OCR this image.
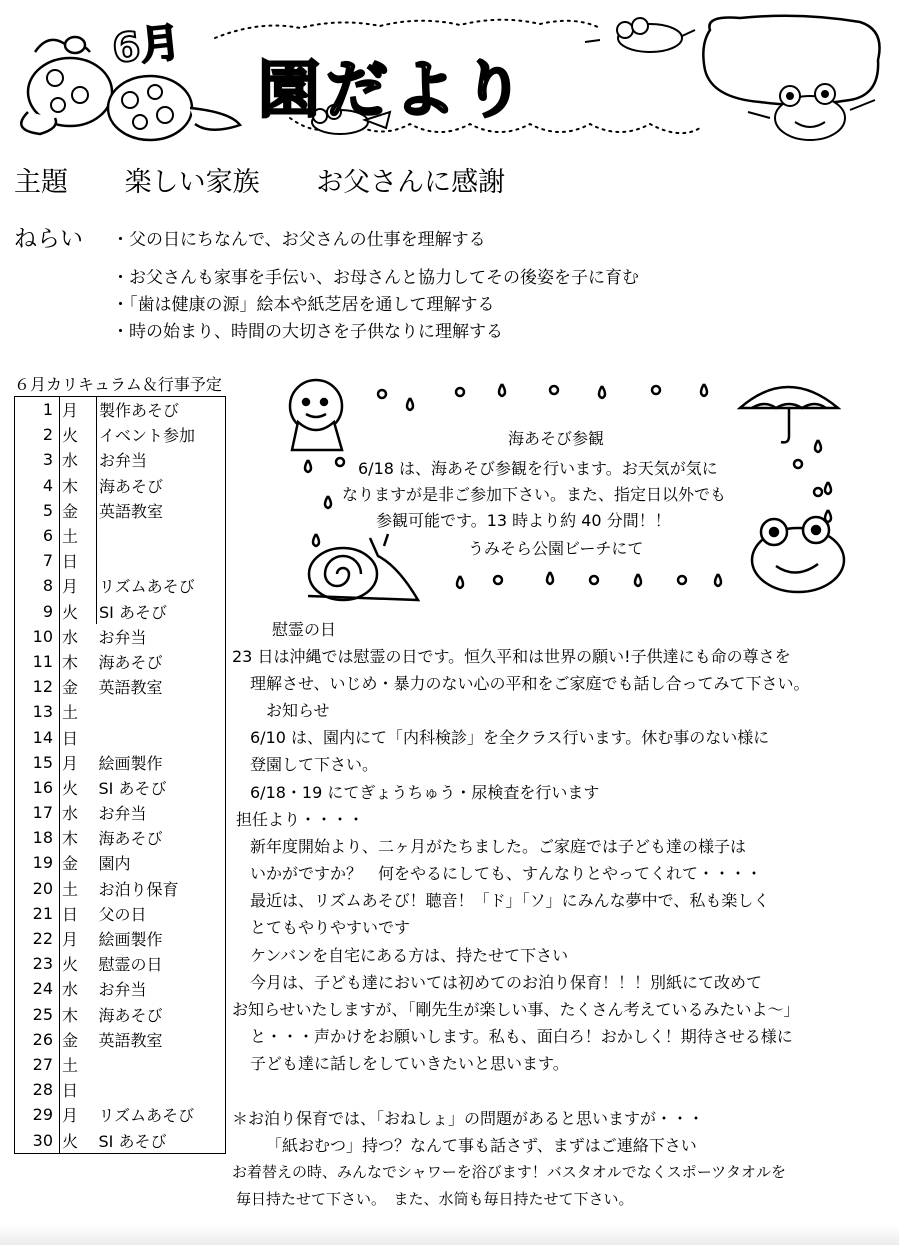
6月
園だより
主題 楽しい家族 お父さんに感謝
ねらい ・父の日にちなんで、お父さんの仕事を理解する
・お父さんも家事を手伝い、お母さんと協力してその後姿を子に育む
・「歯は健康の源」絵本や紙芝居を通して理解する
・時の始まり、時間の大切さを子供なりに理解する
６月カリキュラム＆行事予定
1	月	製作あそび
2	火	イベント参加
3	水	お弁当
4	木	海あそび
5	金	英語教室
6	土	
7	日	
8	月	リズムあそび
9	火	SI あそび
10	水	お弁当
11	木	海あそび
12	金	英語教室
13	土	
14	日	
15	月	絵画製作
16	火	SI あそび
17	水	お弁当
18	木	海あそび
19	金	園内
20	土	お泊り保育
21	日	父の日
22	月	絵画製作
23	火	慰霊の日
24	水	お弁当
25	木	海あそび
26	金	英語教室
27	土	
28	日	
29	月	リズムあそび
30	火	SI あそび
海あそび参観
6/18 は、海あそび参観を行います。お天気が気に
なりますが是非ご参加下さい。また、指定日以外でも
参観可能です。13 時より約 40 分間！！
うみそら公園ビーチにて
慰霊の日
23 日は沖縄では慰霊の日です。恒久平和は世界の願い!子供達にも命の尊さを
理解させ、いじめ・暴力のない心の平和をご家庭でも話し合ってみて下さい。
お知らせ
6/10 は、園内にて「内科検診」を全クラス行います。休む事のない様に
登園して下さい。
6/18・19 にてぎょうちゅう・尿検査を行います
担任より・・・・
新年度開始より、二ヶ月がたちました。ご家庭では子ども達の様子は
いかがですか？　何をやるにしても、すんなりとやってくれて・・・・
最近は、リズムあそび！聴音！「ド」「ソ」にみんな夢中で、私も楽しく
とてもやりやすいです
ケンバンを自宅にある方は、持たせて下さい
今月は、子ども達においては初めてのお泊り保育！！！別紙にて改めて
お知らせいたしますが、「剛先生が楽しい事、たくさん考えているみたいよ～」
と・・・声かけをお願いします。私も、面白ろ！おかしく！期待させる様に
子ども達に話しをしていきたいと思います。
＊お泊り保育では、「おねしょ」の問題があると思いますが・・・
「紙おむつ」持つ？なんて事も話さず、まずはご連絡下さい
お着替えの時、みんなでシャワーを浴びます！バスタオルでなくスポーツタオルを
毎日持たせて下さい。　また、水筒も毎日持たせて下さい。
